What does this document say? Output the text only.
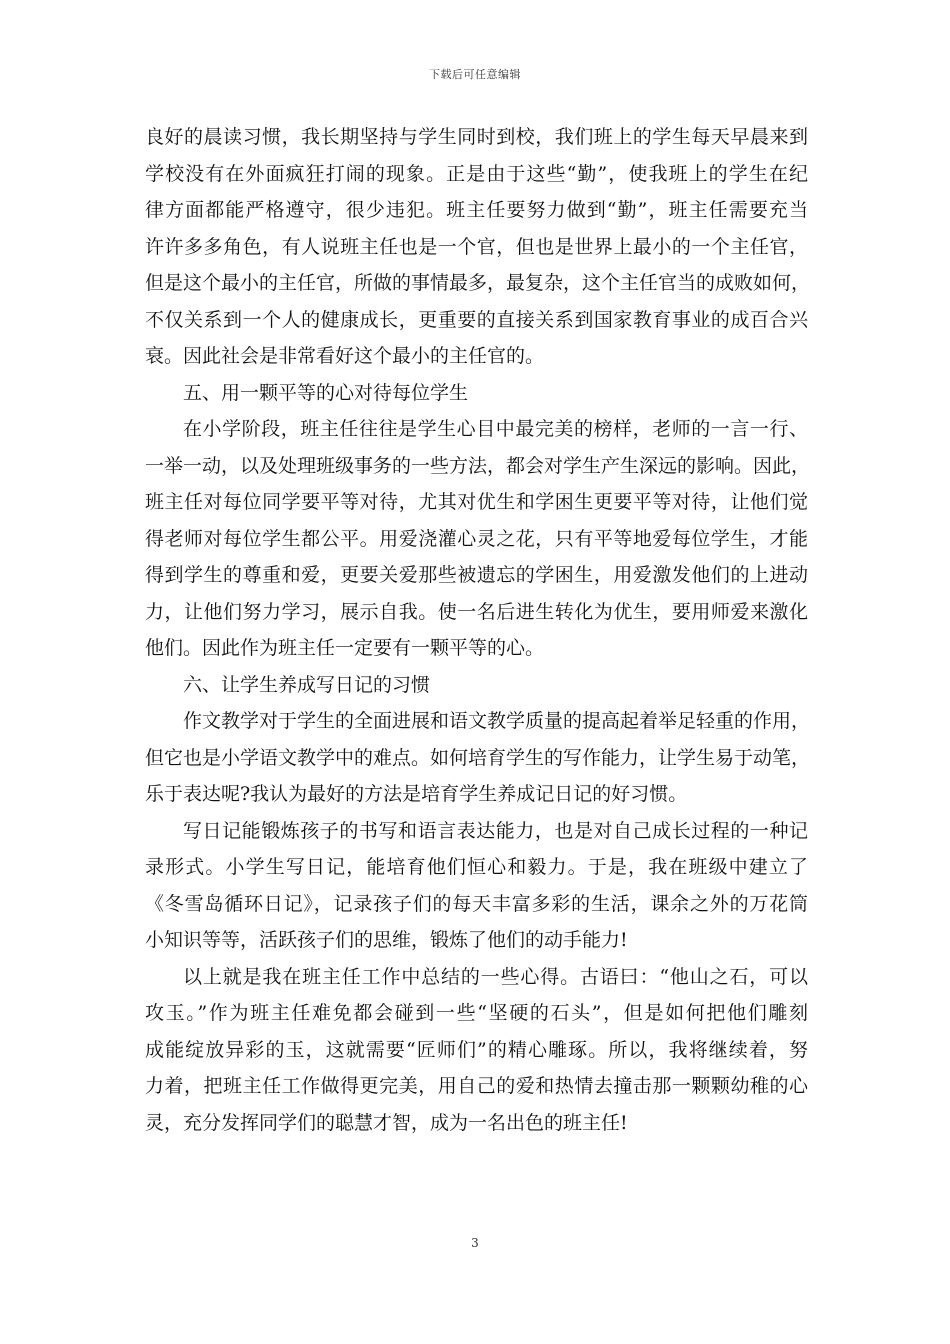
下载后可任意编辑
良好的晨读习惯，我长期坚持与学生同时到校，我们班上的学生每天早晨来到
学校没有在外面疯狂打闹的现象。正是由于这些“勤”，使我班上的学生在纪
律方面都能严格遵守，很少违犯。班主任要努力做到“勤”，班主任需要充当
许许多多角色，有人说班主任也是一个官，但也是世界上最小的一个主任官，
但是这个最小的主任官，所做的事情最多，最复杂，这个主任官当的成败如何，
不仅关系到一个人的健康成长，更重要的直接关系到国家教育事业的成百合兴
衰。因此社会是非常看好这个最小的主任官的。
五、用一颗平等的心对待每位学生
在小学阶段，班主任往往是学生心目中最完美的榜样，老师的一言一行、
一举一动，以及处理班级事务的一些方法，都会对学生产生深远的影响。因此，
班主任对每位同学要平等对待，尤其对优生和学困生更要平等对待，让他们觉
得老师对每位学生都公平。用爱浇灌心灵之花，只有平等地爱每位学生，才能
得到学生的尊重和爱，更要关爱那些被遗忘的学困生，用爱激发他们的上进动
力，让他们努力学习，展示自我。使一名后进生转化为优生，要用师爱来激化
他们。因此作为班主任一定要有一颗平等的心。
六、让学生养成写日记的习惯
作文教学对于学生的全面进展和语文教学质量的提高起着举足轻重的作用，
但它也是小学语文教学中的难点。如何培育学生的写作能力，让学生易于动笔，
乐于表达呢?我认为最好的方法是培育学生养成记日记的好习惯。
写日记能锻炼孩子的书写和语言表达能力，也是对自己成长过程的一种记
录形式。小学生写日记，能培育他们恒心和毅力。于是，我在班级中建立了
《冬雪岛循环日记》，记录孩子们的每天丰富多彩的生活，课余之外的万花筒
小知识等等，活跃孩子们的思维，锻炼了他们的动手能力!
以上就是我在班主任工作中总结的一些心得。古语曰：“他山之石，可以
攻玉。”作为班主任难免都会碰到一些“坚硬的石头”，但是如何把他们雕刻
成能绽放异彩的玉，这就需要“匠师们”的精心雕琢。所以，我将继续着，努
力着，把班主任工作做得更完美，用自己的爱和热情去撞击那一颗颗幼稚的心
灵，充分发挥同学们的聪慧才智，成为一名出色的班主任!
3
